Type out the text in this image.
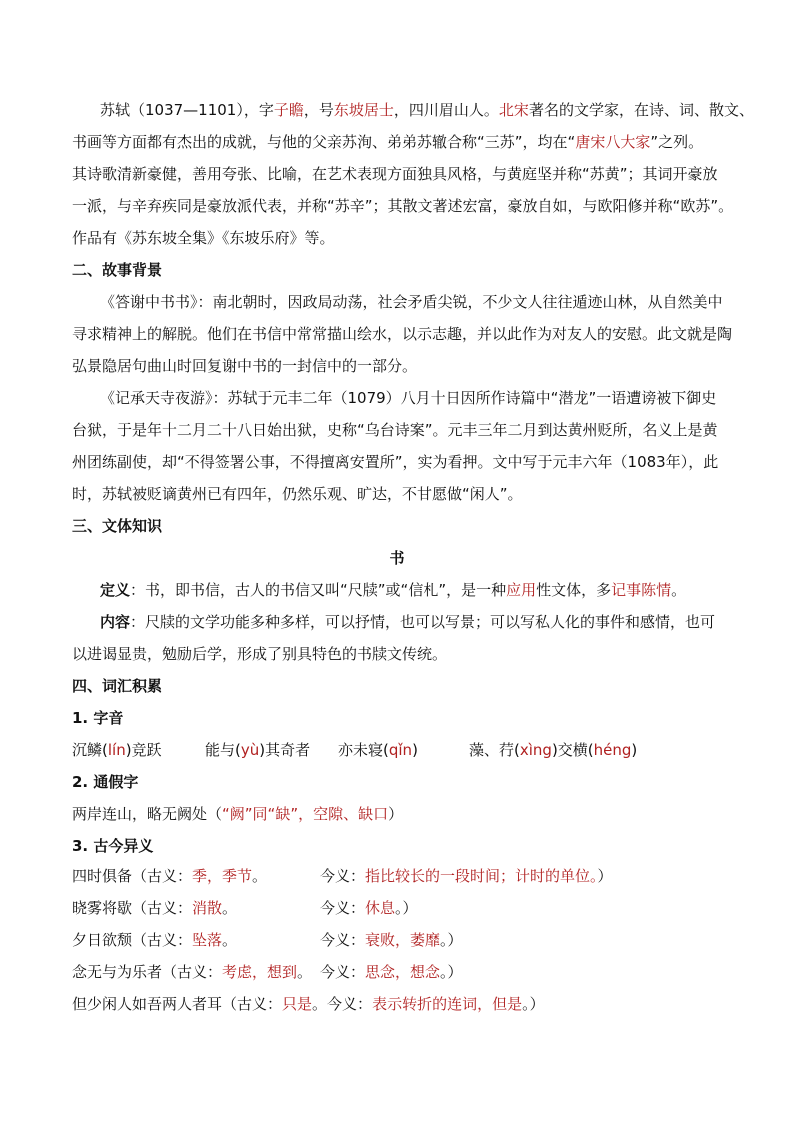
苏轼（1037—1101），字子瞻，号东坡居士，四川眉山人。北宋著名的文学家，在诗、词、散文、
书画等方面都有杰出的成就，与他的父亲苏洵、弟弟苏辙合称“三苏”，均在“唐宋八大家”之列。
其诗歌清新豪健，善用夸张、比喻，在艺术表现方面独具风格，与黄庭坚并称“苏黄”；其词开豪放
一派，与辛弃疾同是豪放派代表，并称“苏辛”；其散文著述宏富，豪放自如，与欧阳修并称“欧苏”。
作品有《苏东坡全集》《东坡乐府》等。
二、故事背景
《答谢中书书》：南北朝时，因政局动荡，社会矛盾尖锐，不少文人往往遁迹山林，从自然美中
寻求精神上的解脱。他们在书信中常常描山绘水，以示志趣，并以此作为对友人的安慰。此文就是陶
弘景隐居句曲山时回复谢中书的一封信中的一部分。
《记承天寺夜游》：苏轼于元丰二年（1079）八月十日因所作诗篇中“潜龙”一语遭谤被下御史
台狱，于是年十二月二十八日始出狱，史称“乌台诗案”。元丰三年二月到达黄州贬所，名义上是黄
州团练副使，却“不得签署公事，不得擅离安置所”，实为看押。文中写于元丰六年（1083年），此
时，苏轼被贬谪黄州已有四年，仍然乐观、旷达，不甘愿做“闲人”。
三、文体知识
书
定义：书，即书信，古人的书信又叫“尺牍”或“信札”，是一种应用性文体，多记事陈情。
内容：尺牍的文学功能多种多样，可以抒情，也可以写景；可以写私人化的事件和感情，也可
以进谒显贵，勉励后学，形成了别具特色的书牍文传统。
四、词汇积累
1. 字音
沉鳞(lín)竞跃	能与(yù)其奇者 亦未寝(qǐn)	藻、荇(xìng)交横(héng)
2. 通假字
两岸连山，略无阙处（“阙”同“缺”，空隙、缺口）
3. 古今异义
四时俱备（古义：季，季节。	今义：指比较长的一段时间；计时的单位。）
晓雾将歇（古义：消散。	今义：休息。）
夕日欲颓（古义：坠落。	今义：衰败，萎靡。）
念无与为乐者（古义：考虑，想到。 今义：思念，想念。）
但少闲人如吾两人者耳（古义：只是。今义：表示转折的连词，但是。）
